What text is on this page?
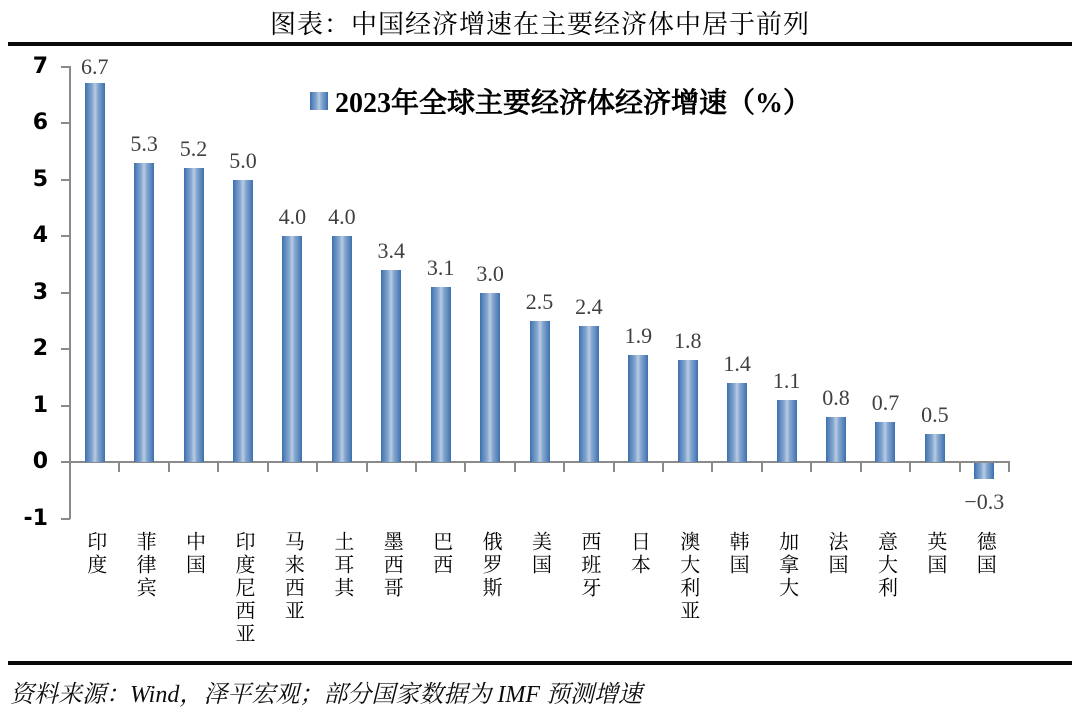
图表：中国经济增速在主要经济体中居于前列
2023年全球主要经济体经济增速（%）
-1
0
1
2
3
4
5
6
7	6.7
印度
5.3
菲律宾
5.2
中国
5.0
印度尼西亚
4.0
马来西亚
4.0
土耳其
3.4
墨西哥
3.1
巴西
3.0
俄罗斯
2.5
美国
2.4
西班牙
1.9
日本
1.8
澳大利亚
1.4
韩国
1.1
加拿大
0.8
法国
0.7
意大利
0.5
英国
−0.3
德国
资料来源：Wind，泽平宏观；部分国家数据为 IMF 预测增速
